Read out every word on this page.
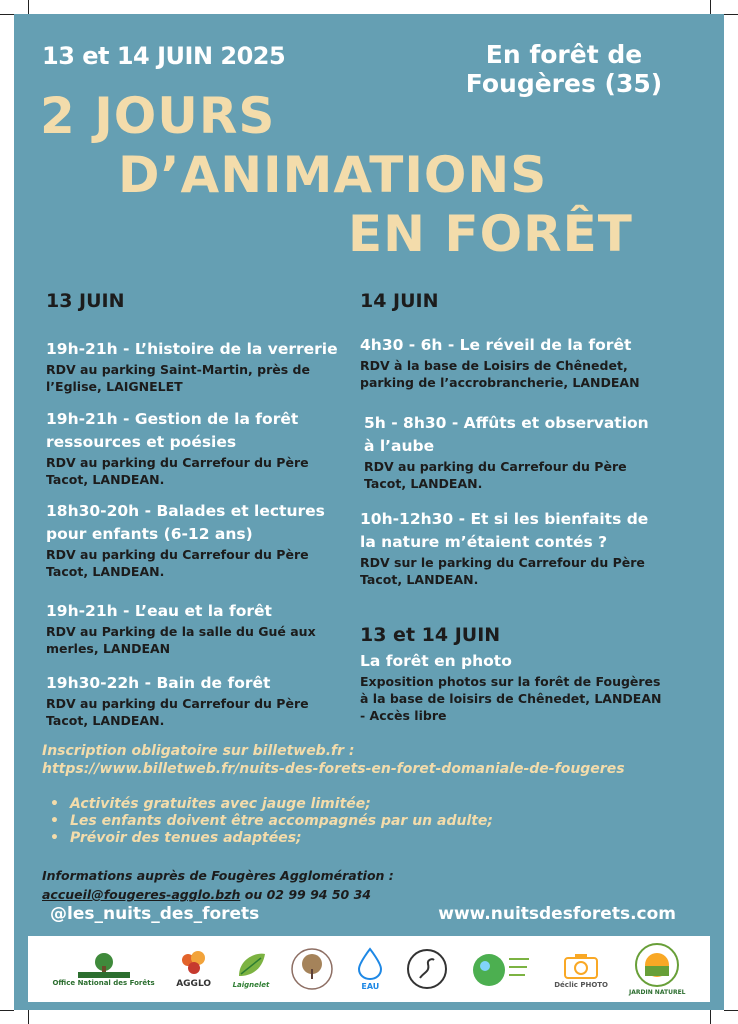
13 et 14 JUIN 2025	En forêt de
Fougères (35)
2 JOURS
D’ANIMATIONS
EN FORÊT
13 JUIN
19h-21h - L’histoire de la verrerie
RDV au parking Saint-Martin, près de l’Eglise, LAIGNELET
19h-21h - Gestion de la forêt ressources et poésies
RDV au parking du Carrefour du Père Tacot, LANDEAN.
18h30-20h - Balades et lectures pour enfants (6-12 ans)
RDV au parking du Carrefour du Père Tacot, LANDEAN.
19h-21h - L’eau et la forêt
RDV au Parking de la salle du Gué aux merles, LANDEAN
19h30-22h - Bain de forêt
RDV au parking du Carrefour du Père Tacot, LANDEAN.
14 JUIN
4h30 - 6h - Le réveil de la forêt
RDV à la base de Loisirs de Chênedet, parking de l’accrobrancherie, LANDEAN
5h - 8h30 - Affûts et observation à l’aube
RDV au parking du Carrefour du Père Tacot, LANDEAN.
10h-12h30 - Et si les bienfaits de la nature m’étaient contés ?
RDV sur le parking du Carrefour du Père Tacot, LANDEAN.
13 et 14 JUIN
La forêt en photo
Exposition photos sur la forêt de Fougères à la base de loisirs de Chênedet, LANDEAN - Accès libre
Inscription obligatoire sur billetweb.fr :
https://www.billetweb.fr/nuits-des-forets-en-foret-domaniale-de-fougeres
• Activités gratuites avec jauge limitée;
• Les enfants doivent être accompagnés par un adulte;
• Prévoir des tenues adaptées;
Informations auprès de Fougères Agglomération :
accueil@fougeres-agglo.bzh ou 02 99 94 50 34
@les_nuits_des_forets	www.nuitsdesforets.com
Office National des Forêts AGGLO	Laignelet	EAU	Déclic PHOTO
JARDIN NATUREL
